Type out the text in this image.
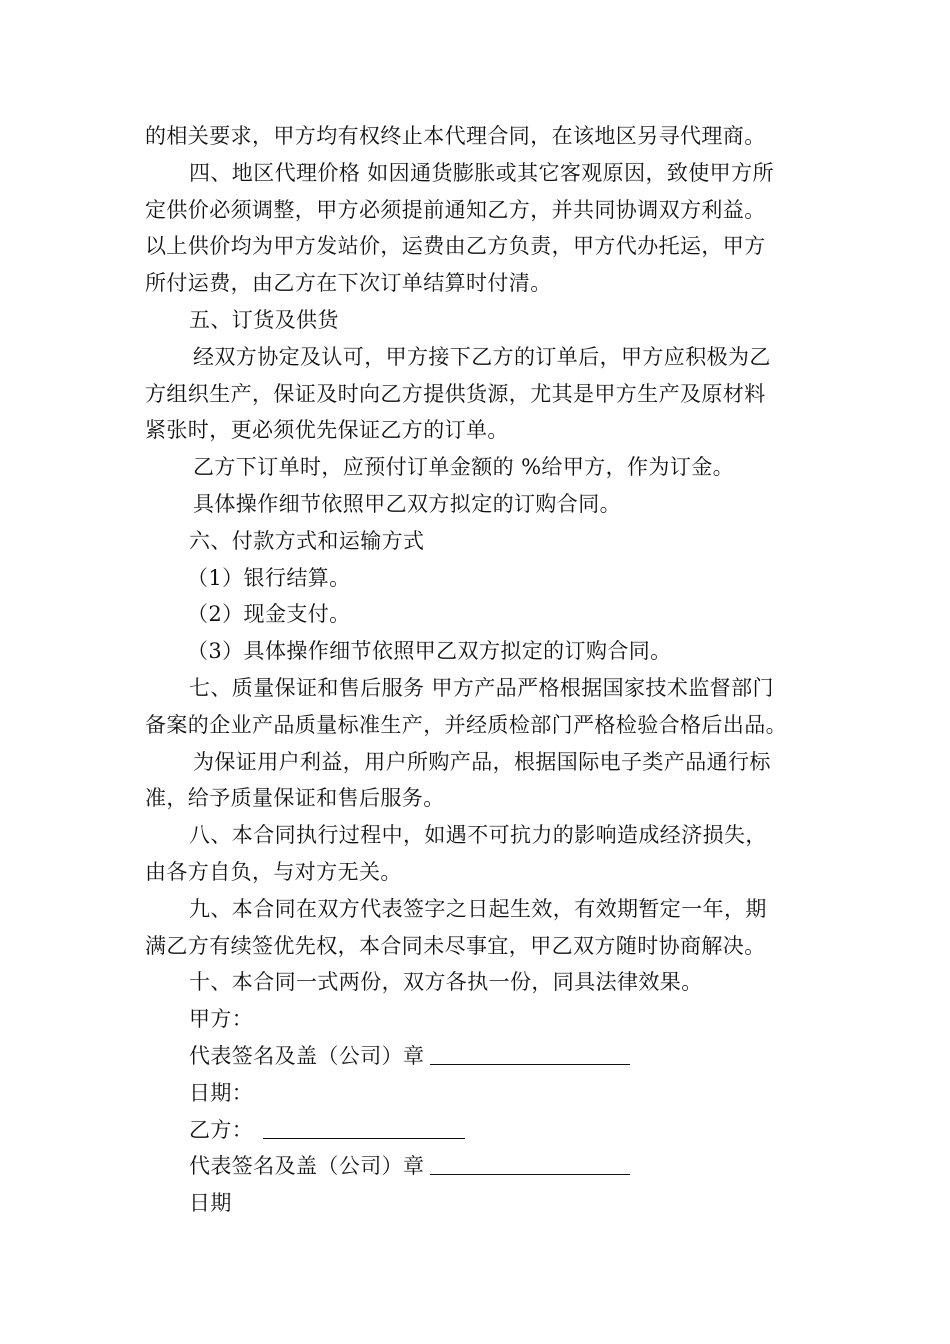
的相关要求，甲方均有权终止本代理合同，在该地区另寻代理商。
四、地区代理价格 如因通货膨胀或其它客观原因，致使甲方所
定供价必须调整，甲方必须提前通知乙方，并共同协调双方利益。
以上供价均为甲方发站价，运费由乙方负责，甲方代办托运，甲方
所付运费，由乙方在下次订单结算时付清。
五、订货及供货
经双方协定及认可，甲方接下乙方的订单后，甲方应积极为乙
方组织生产，保证及时向乙方提供货源，尤其是甲方生产及原材料
紧张时，更必须优先保证乙方的订单。
乙方下订单时，应预付订单金额的 %给甲方，作为订金。
具体操作细节依照甲乙双方拟定的订购合同。
六、付款方式和运输方式
（1）银行结算。
（2）现金支付。
（3）具体操作细节依照甲乙双方拟定的订购合同。
七、质量保证和售后服务 甲方产品严格根据国家技术监督部门
备案的企业产品质量标准生产，并经质检部门严格检验合格后出品。
为保证用户利益，用户所购产品，根据国际电子类产品通行标
准，给予质量保证和售后服务。
八、本合同执行过程中，如遇不可抗力的影响造成经济损失，
由各方自负，与对方无关。
九、本合同在双方代表签字之日起生效，有效期暂定一年，期
满乙方有续签优先权，本合同未尽事宜，甲乙双方随时协商解决。
十、本合同一式两份，双方各执一份，同具法律效果。
甲方：
代表签名及盖（公司）章
日期：
乙方：
代表签名及盖（公司）章
日期
